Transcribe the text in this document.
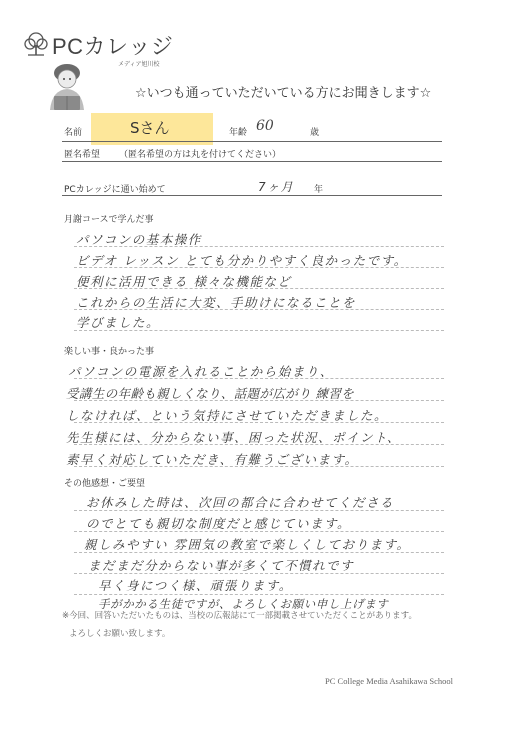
PCカレッジ
メディア旭川校
☆いつも通っていただいている方にお聞きします☆
名前	Sさん	年齢 60	歳
匿名希望 （匿名希望の方は丸を付けてください）
PCカレッジに通い始めて	7ヶ月 年
月謝コースで学んだ事
パソコンの基本操作
ビデオ レッスン とても分かりやすく良かったです。
便利に活用できる 様々な機能など
これからの生活に大変、手助けになることを
学びました。
楽しい事・良かった事
パソコンの電源を入れることから始まり、
受講生の年齢も親しくなり、話題が広がり 練習を
しなければ、という気持にさせていただきました。
先生様には、分からない事、困った状況、ポイント、
素早く対応していただき、有難うございます。
その他感想・ご要望
お休みした時は、次回の都合に合わせてくださる
のでとても親切な制度だと感じています。
親しみやすい 雰囲気の教室で楽しくしております。
まだまだ分からない事が多くて不慣れです
早く身につく様、頑張ります。
手がかかる生徒ですが、よろしくお願い申し上げます
※今回、回答いただいたものは、当校の広報誌にて一部掲載させていただくことがあります。
よろしくお願い致します。
PC College Media Asahikawa School
